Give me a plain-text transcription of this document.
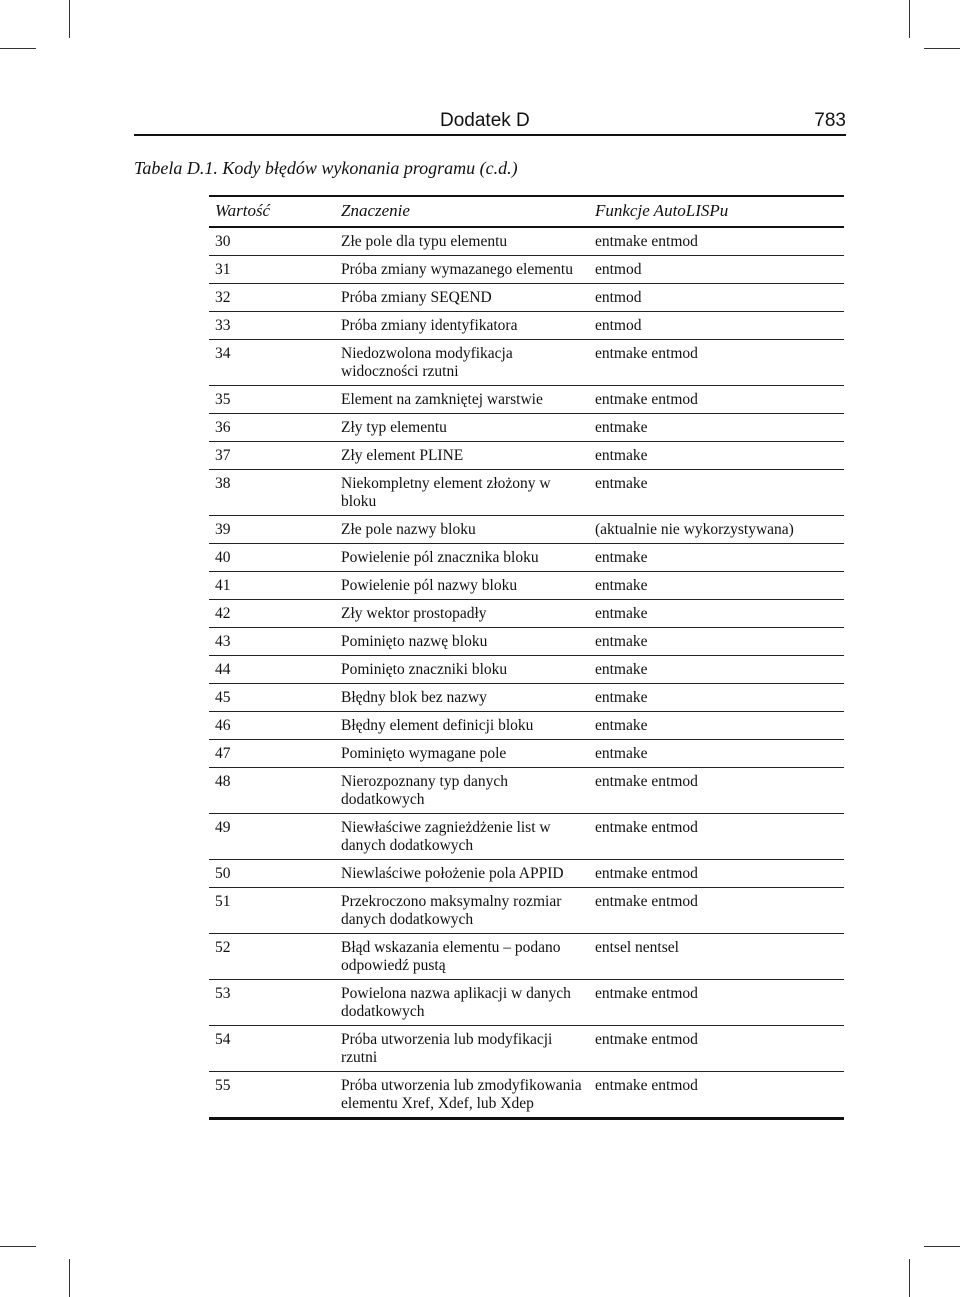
Dodatek D	783
Tabela D.1. Kody błędów wykonania programu (c.d.)
Wartość	Znaczenie	Funkcje AutoLISPu
30	Złe pole dla typu elementu	entmake entmod
31	Próba zmiany wymazanego elementu	entmod
32	Próba zmiany SEQEND	entmod
33	Próba zmiany identyfikatora	entmod
34	Niedozwolona modyfikacja widoczności rzutni	entmake entmod
35	Element na zamkniętej warstwie	entmake entmod
36	Zły typ elementu	entmake
37	Zły element PLINE	entmake
38	Niekompletny element złożony w bloku	entmake
39	Złe pole nazwy bloku	(aktualnie nie wykorzystywana)
40	Powielenie pól znacznika bloku	entmake
41	Powielenie pól nazwy bloku	entmake
42	Zły wektor prostopadły	entmake
43	Pominięto nazwę bloku	entmake
44	Pominięto znaczniki bloku	entmake
45	Błędny blok bez nazwy	entmake
46	Błędny element definicji bloku	entmake
47	Pominięto wymagane pole	entmake
48	Nierozpoznany typ danych dodatkowych	entmake entmod
49	Niewłaściwe zagnieżdżenie list w danych dodatkowych	entmake entmod
50	Niewlaściwe położenie pola APPID	entmake entmod
51	Przekroczono maksymalny rozmiar danych dodatkowych	entmake entmod
52	Błąd wskazania elementu – podano odpowiedź pustą	entsel nentsel
53	Powielona nazwa aplikacji w danych dodatkowych	entmake entmod
54	Próba utworzenia lub modyfikacji rzutni	entmake entmod
55	Próba utworzenia lub zmodyfikowania elementu Xref, Xdef, lub Xdep	entmake entmod
